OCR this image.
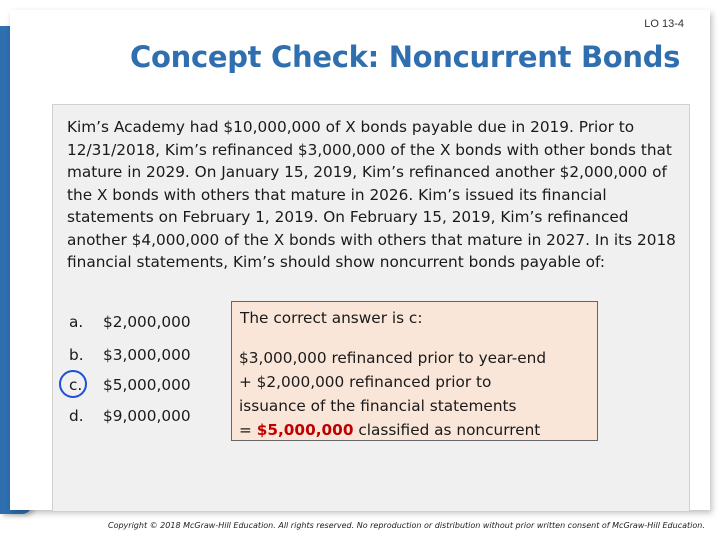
LO 13-4
Concept Check: Noncurrent Bonds

Kim’s Academy had $10,000,000 of X bonds payable due in 2019. Prior to 12/31/2018, Kim’s refinanced $3,000,000 of the X bonds with other bonds that mature in 2029. On January 15, 2019, Kim’s refinanced another $2,000,000 of the X bonds with others that mature in 2026. Kim’s issued its financial statements on February 1, 2019. On February 15, 2019, Kim’s refinanced another $4,000,000 of the X bonds with others that mature in 2027. In its 2018 financial statements, Kim’s should show noncurrent bonds payable of:

a. $2,000,000
b. $3,000,000
c. $5,000,000
d. $9,000,000
The correct answer is c:
$3,000,000 refinanced prior to year-end
+ $2,000,000 refinanced prior to
issuance of the financial statements
= $5,000,000 classified as noncurrent
Copyright © 2018 McGraw-Hill Education. All rights reserved. No reproduction or distribution without prior written consent of McGraw-Hill Education.
